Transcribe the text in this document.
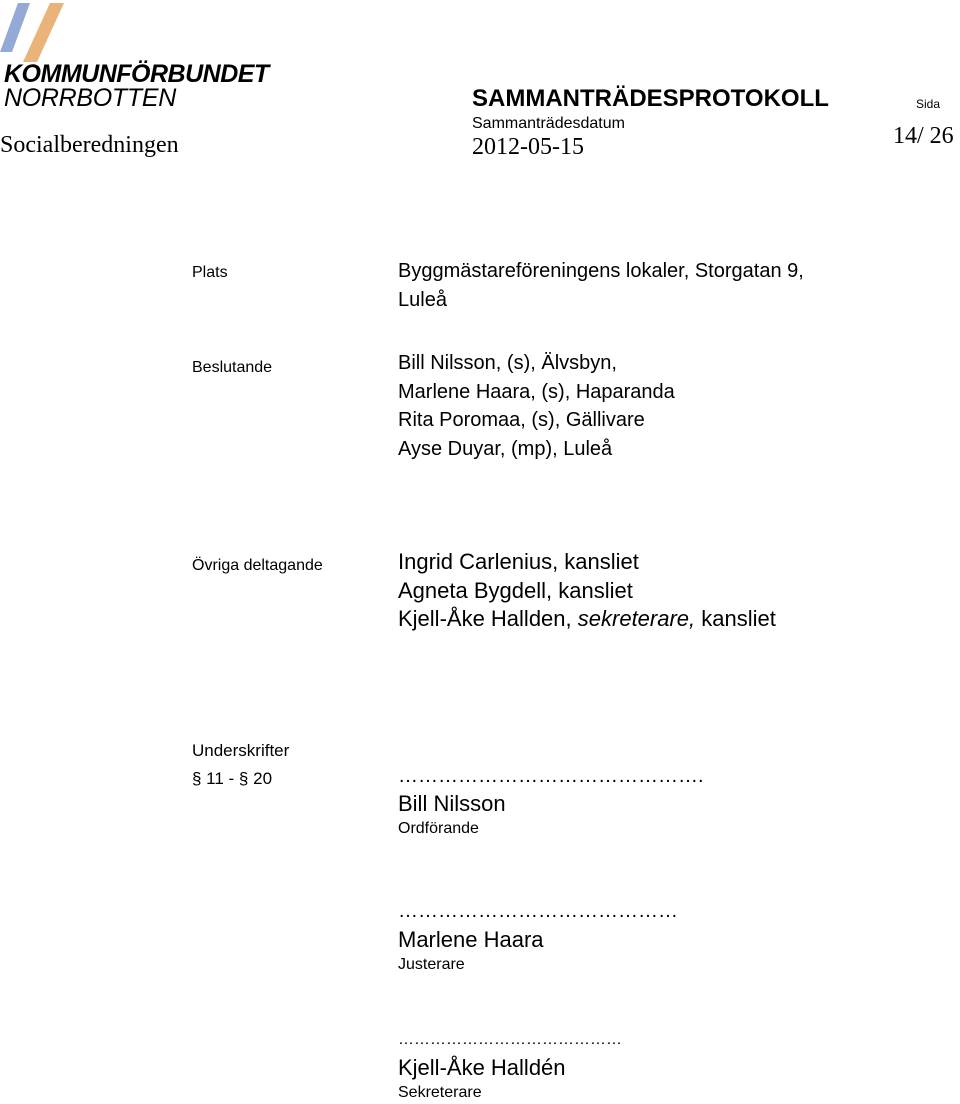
KOMMUNFÖRBUNDET
NORRBOTTEN
Socialberedningen
SAMMANTRÄDESPROTOKOLL
Sammanträdesdatum
2012-05-15
Sida
14/ 26
Plats	Byggmästareföreningens lokaler, Storgatan 9,
Luleå
Beslutande	Bill Nilsson, (s), Älvsbyn,
Marlene Haara, (s), Haparanda
Rita Poromaa, (s), Gällivare
Ayse Duyar, (mp), Luleå
Övriga deltagande	Ingrid Carlenius, kansliet
Agneta Bygdell, kansliet
Kjell-Åke Hallden, sekreterare, kansliet
Underskrifter
§ 11 - § 20	……………………………………….
Bill Nilsson
Ordförande
……………………………………
Marlene Haara
Justerare
……………………………………
Kjell-Åke Halldén
Sekreterare
